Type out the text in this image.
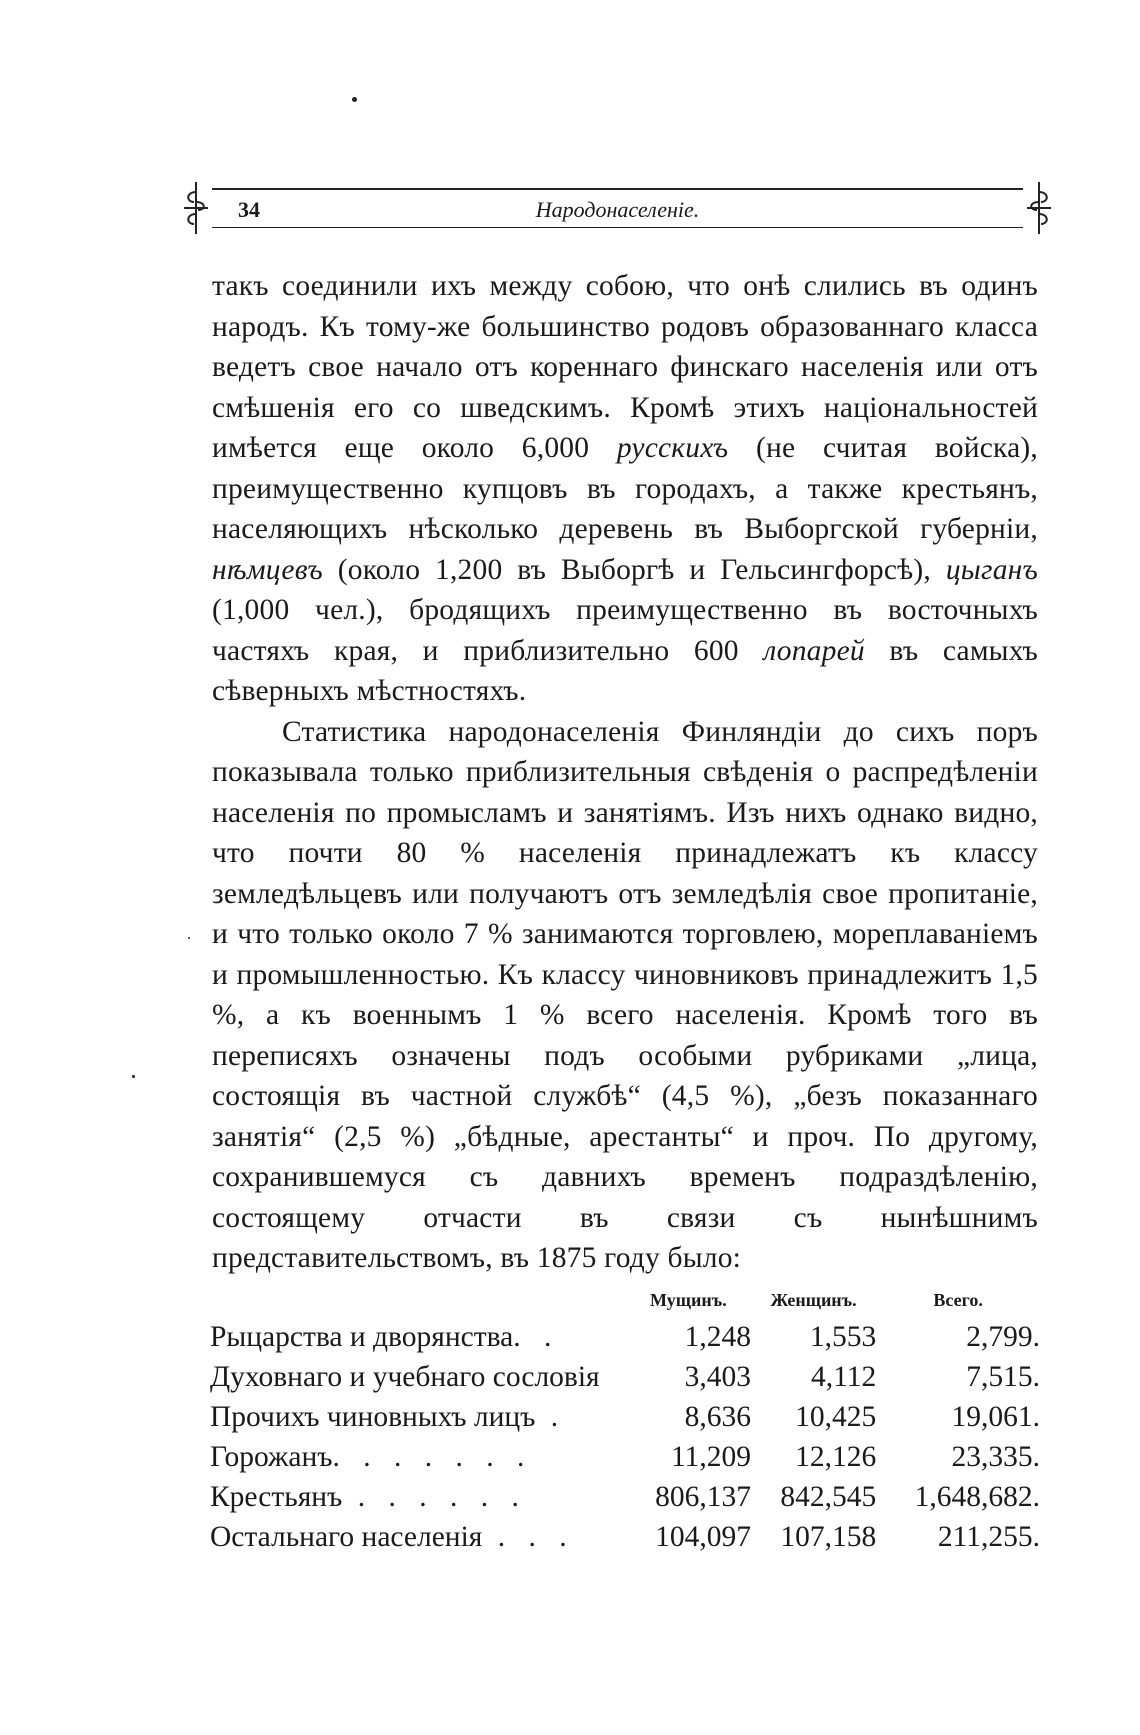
34	Народонаселеніе.

такъ соединили ихъ между собою, что онѣ слились въ одинъ народъ. Къ тому-же большинство родовъ образованнаго класса ведетъ свое начало отъ кореннаго финскаго населенія или отъ смѣшенія его со шведскимъ. Кромѣ этихъ національностей имѣется еще около 6,000 русскихъ (не считая войска), преимущественно купцовъ въ городахъ, а также крестьянъ, населяющихъ нѣсколько деревень въ Выборгской губерніи, нѣмцевъ (около 1,200 въ Выборгѣ и Гельсингфорсѣ), цыганъ (1,000 чел.), бродящихъ преимущественно въ восточныхъ частяхъ края, и приблизительно 600 лопарей въ самыхъ сѣверныхъ мѣстностяхъ.

Статистика народонаселенія Финляндіи до сихъ поръ показывала только приблизительныя свѣденія о распредѣленіи населенія по промысламъ и занятіямъ. Изъ нихъ однако видно, что почти 80 % населенія принадлежатъ къ классу земледѣльцевъ или получаютъ отъ земледѣлія свое пропитаніе, и что только около 7 % занимаются торговлею, мореплаваніемъ и промышленностью. Къ классу чиновниковъ принадлежитъ 1,5 %, а къ военнымъ 1 % всего населенія. Кромѣ того въ переписяхъ означены подъ особыми рубриками „лица, состоящія въ частной службѣ“ (4,5 %), „безъ показаннаго занятія“ (2,5 %) „бѣдные, арестанты“ и проч. По другому, сохранившемуся съ давнихъ временъ подраздѣленію, состоящему отчасти въ связи съ нынѣшнимъ представительствомъ, въ 1875 году было:

	Мущинъ.	Женщинъ.	Всего.
Рыцарства и дворянства. .	1,248	1,553	2,799.
Духовнаго и учебнаго сословія	3,403	4,112	7,515.
Прочихъ чиновныхъ лицъ .	8,636	10,425	19,061.
Горожанъ. . . . . . .	11,209	12,126	23,335.
Крестьянъ . . . . . .	806,137	842,545	1,648,682.
Остальнаго населенія . . .	104,097	107,158	211,255.
